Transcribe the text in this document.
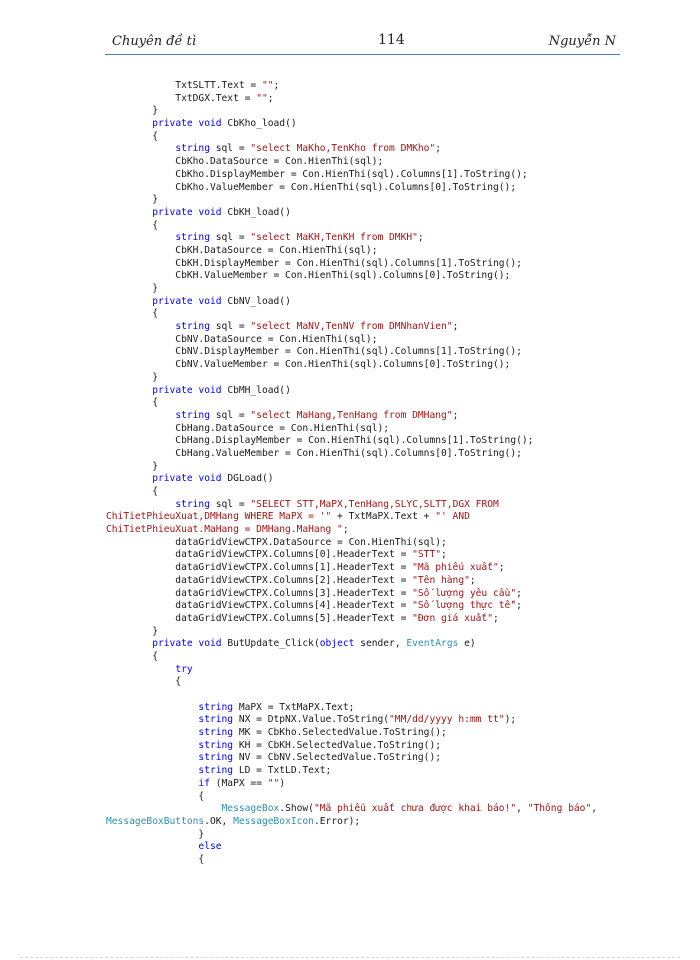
Chuyên đề tì	114	Nguyễn N
TxtSLTT.Text = "";
TxtDGX.Text = "";
}
private void CbKho_load()
{
string sql = "select MaKho,TenKho from DMKho";
CbKho.DataSource = Con.HienThi(sql);
CbKho.DisplayMember = Con.HienThi(sql).Columns[1].ToString();
CbKho.ValueMember = Con.HienThi(sql).Columns[0].ToString();
}
private void CbKH_load()
{
string sql = "select MaKH,TenKH from DMKH";
CbKH.DataSource = Con.HienThi(sql);
CbKH.DisplayMember = Con.HienThi(sql).Columns[1].ToString();
CbKH.ValueMember = Con.HienThi(sql).Columns[0].ToString();
}
private void CbNV_load()
{
string sql = "select MaNV,TenNV from DMNhanVien";
CbNV.DataSource = Con.HienThi(sql);
CbNV.DisplayMember = Con.HienThi(sql).Columns[1].ToString();
CbNV.ValueMember = Con.HienThi(sql).Columns[0].ToString();
}
private void CbMH_load()
{
string sql = "select MaHang,TenHang from DMHang";
CbHang.DataSource = Con.HienThi(sql);
CbHang.DisplayMember = Con.HienThi(sql).Columns[1].ToString();
CbHang.ValueMember = Con.HienThi(sql).Columns[0].ToString();
}
private void DGLoad()
{
string sql = "SELECT STT,MaPX,TenHang,SLYC,SLTT,DGX FROM
ChiTietPhieuXuat,DMHang WHERE MaPX = '" + TxtMaPX.Text + "' AND
ChiTietPhieuXuat.MaHang = DMHang.MaHang ";
dataGridViewCTPX.DataSource = Con.HienThi(sql);
dataGridViewCTPX.Columns[0].HeaderText = "STT";
dataGridViewCTPX.Columns[1].HeaderText = "Mã phiếu xuất";
dataGridViewCTPX.Columns[2].HeaderText = "Tên hàng";
dataGridViewCTPX.Columns[3].HeaderText = "Số lượng yêu cầu";
dataGridViewCTPX.Columns[4].HeaderText = "Số lượng thực tế";
dataGridViewCTPX.Columns[5].HeaderText = "Đơn giá xuất";
}
private void ButUpdate_Click(object sender, EventArgs e)
{
try
{

string MaPX = TxtMaPX.Text;
string NX = DtpNX.Value.ToString("MM/dd/yyyy h:mm tt");
string MK = CbKho.SelectedValue.ToString();
string KH = CbKH.SelectedValue.ToString();
string NV = CbNV.SelectedValue.ToString();
string LD = TxtLD.Text;
if (MaPX == "")
{
MessageBox.Show("Mã phiếu xuất chưa được khai báo!", "Thông báo",
MessageBoxButtons.OK, MessageBoxIcon.Error);
}
else
{
